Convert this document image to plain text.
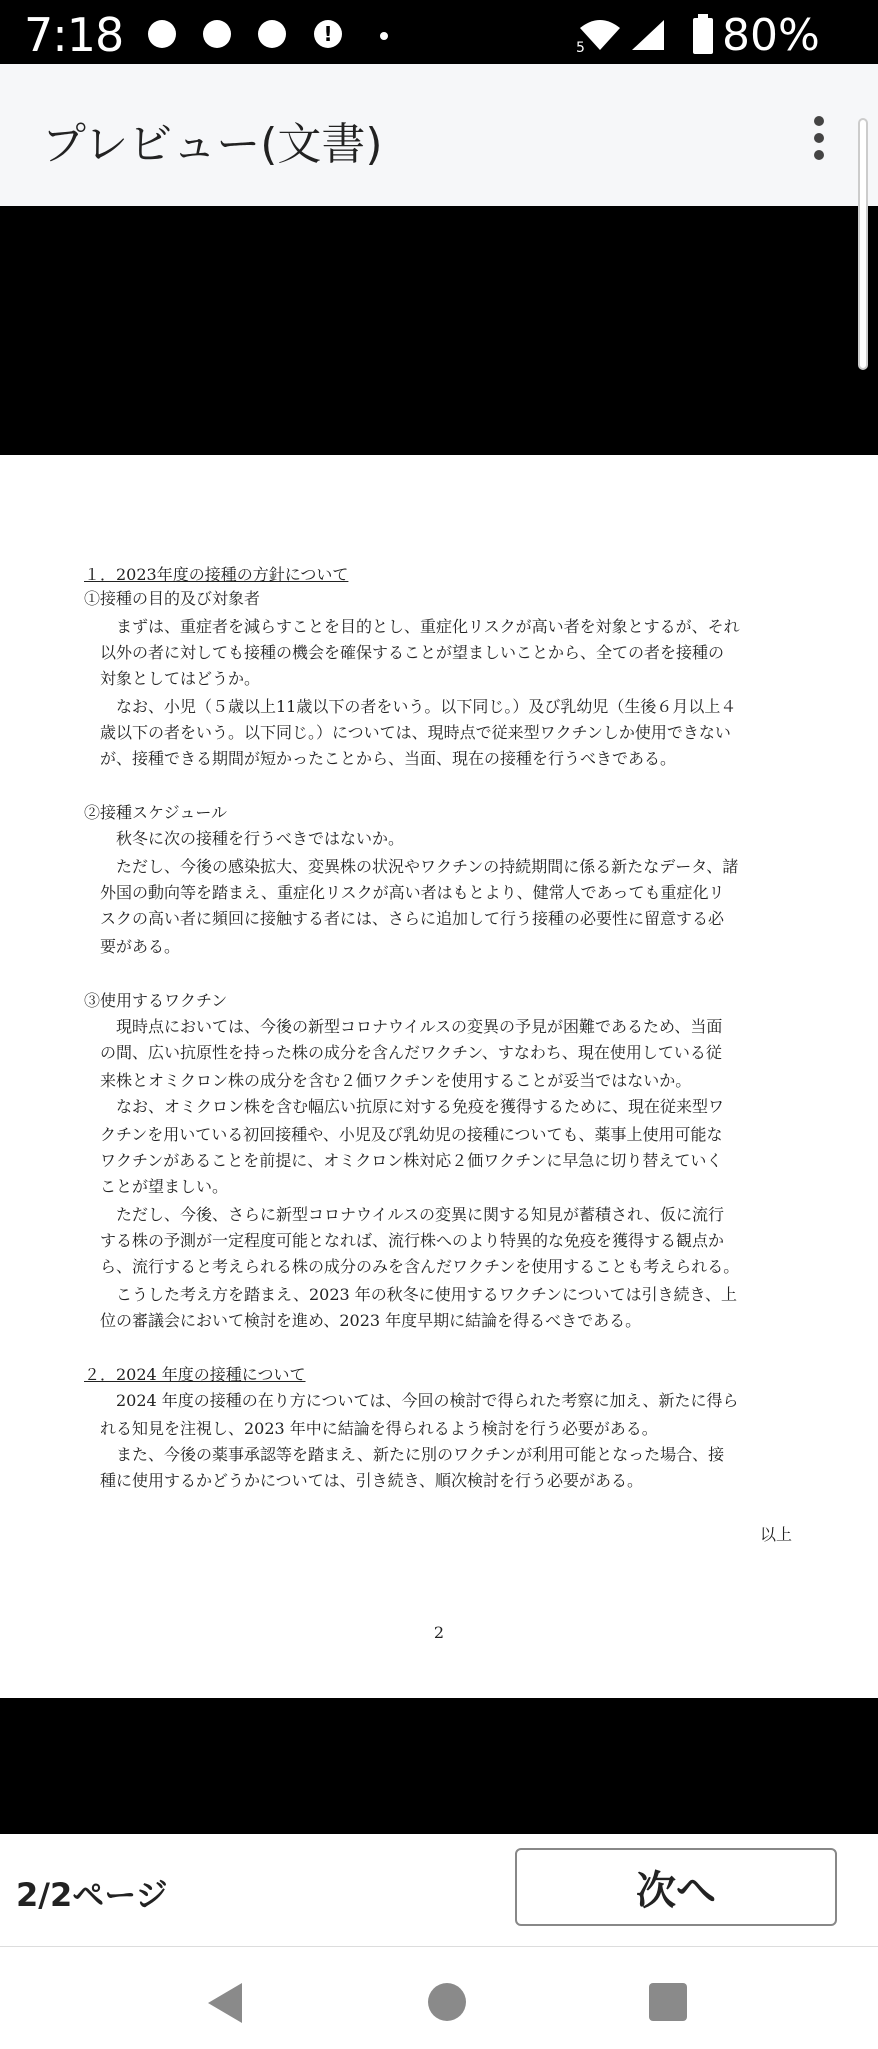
7:18	!
5	80%
プレビュー(文書)
１．2023年度の接種の方針について
①接種の目的及び対象者
　まずは、重症者を減らすことを目的とし、重症化リスクが高い者を対象とするが、それ
以外の者に対しても接種の機会を確保することが望ましいことから、全ての者を接種の
対象としてはどうか。
　なお、小児（５歳以上11歳以下の者をいう。以下同じ。）及び乳幼児（生後６月以上４
歳以下の者をいう。以下同じ。）については、現時点で従来型ワクチンしか使用できない
が、接種できる期間が短かったことから、当面、現在の接種を行うべきである。
②接種スケジュール
　秋冬に次の接種を行うべきではないか。
　ただし、今後の感染拡大、変異株の状況やワクチンの持続期間に係る新たなデータ、諸
外国の動向等を踏まえ、重症化リスクが高い者はもとより、健常人であっても重症化リ
スクの高い者に頻回に接触する者には、さらに追加して行う接種の必要性に留意する必
要がある。
③使用するワクチン
　現時点においては、今後の新型コロナウイルスの変異の予見が困難であるため、当面
の間、広い抗原性を持った株の成分を含んだワクチン、すなわち、現在使用している従
来株とオミクロン株の成分を含む２価ワクチンを使用することが妥当ではないか。
　なお、オミクロン株を含む幅広い抗原に対する免疫を獲得するために、現在従来型ワ
クチンを用いている初回接種や、小児及び乳幼児の接種についても、薬事上使用可能な
ワクチンがあることを前提に、オミクロン株対応２価ワクチンに早急に切り替えていく
ことが望ましい。
　ただし、今後、さらに新型コロナウイルスの変異に関する知見が蓄積され、仮に流行
する株の予測が一定程度可能となれば、流行株へのより特異的な免疫を獲得する観点か
ら、流行すると考えられる株の成分のみを含んだワクチンを使用することも考えられる。
　こうした考え方を踏まえ、2023 年の秋冬に使用するワクチンについては引き続き、上
位の審議会において検討を進め、2023 年度早期に結論を得るべきである。
２．2024 年度の接種について
　2024 年度の接種の在り方については、今回の検討で得られた考察に加え、新たに得ら
れる知見を注視し、2023 年中に結論を得られるよう検討を行う必要がある。
　また、今後の薬事承認等を踏まえ、新たに別のワクチンが利用可能となった場合、接
種に使用するかどうかについては、引き続き、順次検討を行う必要がある。
以上
2
2/2ページ	次へ
